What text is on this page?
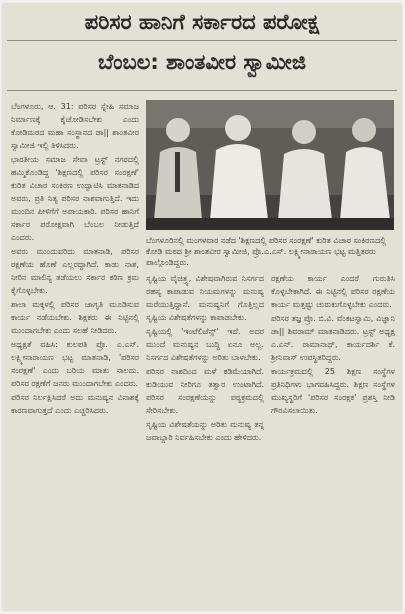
ಪರಿಸರ ಹಾನಿಗೆ ಸರ್ಕಾರದ ಪರೋಕ್ಷ
ಬೆಂಬಲ: ಶಾಂತವೀರ ಸ್ವಾಮೀಜಿ
ಬೆಂಗಳೂರಿನಲ್ಲಿ ಮಂಗಳವಾರ ನಡೆದ 'ಶಿಕ್ಷಣದಲ್ಲಿ ಪರಿಸರ ಸಂರಕ್ಷಣೆ' ಕುರಿತ ವಿಚಾರ ಸಂಕಿರಣದಲ್ಲಿ ಕೋಡಿ ಮಠದ ಶ್ರೀ ಶಾಂತವೀರ ಸ್ವಾಮೀಜಿ, ಪ್ರೊ.ಎ.ಎಸ್. ಲಕ್ಷ್ಮೀನಾರಾಯಣ ಭಟ್ಟ ಮತ್ತಿತರರು ಪಾಲ್ಗೊಂಡಿದ್ದರು.

ಬೆಂಗಳೂರು, ಆ. 31: ಪರಿಸರ ಸ್ನೇಹಿ ಸಮಾಜ ನಿರ್ಮಾಣಕ್ಕೆ ಕೈಜೋಡಿಸಬೇಕು ಎಂದು ಕೋಡಿಮಠದ ಮಹಾ ಸಂಸ್ಥಾನದ ಡಾ|| ಶಾಂತವೀರ ಸ್ವಾಮೀಜಿ ಇಲ್ಲಿ ತಿಳಿಸಿದರು.

ಭಾರತೀಯ ಸಮಾಜ ಸೇವಾ ಟ್ರಸ್ಟ್ ನಗರದಲ್ಲಿ ಹಮ್ಮಿಕೊಂಡಿದ್ದ 'ಶಿಕ್ಷಣದಲ್ಲಿ ಪರಿಸರ ಸಂರಕ್ಷಣೆ' ಕುರಿತ ವಿಚಾರ ಸಂಕಿರಣ ಉದ್ಘಾಟಿಸಿ ಮಾತನಾಡಿದ ಅವರು, ಪ್ರತಿ ನಿತ್ಯ ಪರಿಸರ ನಾಶವಾಗುತ್ತಿದೆ. ಇದು ಮುಂದಿನ ಪೀಳಿಗೆಗೆ ಅಪಾಯಕಾರಿ. ಪರಿಸರ ಹಾನಿಗೆ ಸರ್ಕಾರ ಪರೋಕ್ಷವಾಗಿ ಬೆಂಬಲ ನೀಡುತ್ತಿದೆ ಎಂದರು.

ಅವರು ಮುಂದುವರಿದು ಮಾತನಾಡಿ, ಪರಿಸರ ರಕ್ಷಣೆಯ ಹೊಣೆ ಎಲ್ಲರದ್ದಾಗಿದೆ. ಕಾಡು ನಾಶ, ನೀರಿನ ಮಾಲಿನ್ಯ ತಡೆಯಲು ಸರ್ಕಾರ ಕಠಿಣ ಕ್ರಮ ಕೈಗೊಳ್ಳಬೇಕು.

ಶಾಲಾ ಮಕ್ಕಳಲ್ಲಿ ಪರಿಸರ ಜಾಗೃತಿ ಮೂಡಿಸುವ ಕಾರ್ಯ ನಡೆಯಬೇಕು. ಶಿಕ್ಷಕರು ಈ ನಿಟ್ಟಿನಲ್ಲಿ ಮುಂದಾಗಬೇಕು ಎಂದು ಸಲಹೆ ನೀಡಿದರು.

ಅಧ್ಯಕ್ಷತೆ ವಹಿಸಿ: ಕುಲಪತಿ ಪ್ರೊ. ಎ.ಎಸ್. ಲಕ್ಷ್ಮೀನಾರಾಯಣ ಭಟ್ಟ ಮಾತನಾಡಿ, 'ಪರಿಸರ ಸಂರಕ್ಷಣೆ' ಎಂದು ಬರಿಯ ಮಾತು ಸಾಲದು. ಪರಿಸರ ರಕ್ಷಣೆಗೆ ಜನರು ಮುಂದಾಗಬೇಕು ಎಂದರು.

ಪರಿಸರ ನಿರ್ಲಕ್ಷಿಸಿದರೆ ಅದು ಮನುಷ್ಯನ ವಿನಾಶಕ್ಕೆ ಕಾರಣವಾಗುತ್ತದೆ ಎಂದು ಎಚ್ಚರಿಸಿದರು.

ಸೃಷ್ಟಿಯ ವೈಚಿತ್ರ್ಯ, ವಿಶೇಷವಾಗಿರುವ ನಿಸರ್ಗದ ರಹಸ್ಯ ಕಾಪಾಡುವ ನಿಯಮಗಳನ್ನು ಮನುಷ್ಯ ಮರೆಯುತ್ತಿದ್ದಾನೆ. ಮನುಷ್ಯನಿಗೆ ಗೊತ್ತಿಲ್ಲದ ಸೃಷ್ಟಿಯ ವಿಶೇಷತೆಗಳನ್ನು ಕಾಪಾಡಬೇಕು.

ಸೃಷ್ಟಿಯಲ್ಲಿ 'ಇಂಟೆಲಿಜೆನ್ಸ್' ಇದೆ. ಅದರ ಮುಂದೆ ಮನುಷ್ಯನ ಬುದ್ಧಿ ಏನೂ ಅಲ್ಲ. ನಿಸರ್ಗದ ವಿಶೇಷತೆಗಳನ್ನು ಅರಿತು ಬಾಳಬೇಕು.

ಪರಿಸರ ನಾಶದಿಂದ ಮಳೆ ಕಡಿಮೆಯಾಗಿದೆ. ಕುಡಿಯುವ ನೀರಿಗೂ ತತ್ವಾರ ಉಂಟಾಗಿದೆ. ಪರಿಸರ ಸಂರಕ್ಷಣೆಯನ್ನು ಪಠ್ಯಕ್ರಮದಲ್ಲಿ ಸೇರಿಸಬೇಕು.

ಸೃಷ್ಟಿಯ ವಿಶೇಷತೆಯನ್ನು ಅರಿತು ಮನುಷ್ಯ ತನ್ನ ಜವಾಬ್ದಾರಿ ನಿರ್ವಹಿಸಬೇಕು ಎಂದು ಹೇಳಿದರು.

ರಕ್ಷಣೆಯ ಕಾರ್ಯ ಎಂದರೆ ಗುರುತಿಸಿ ಕೊಳ್ಳಬೇಕಾಗಿದೆ. ಈ ನಿಟ್ಟಿನಲ್ಲಿ ಪರಿಸರ ರಕ್ಷಣೆಯ ಕಾರ್ಯ ಮತ್ತಷ್ಟು ಚುರುಕುಗೊಳ್ಳಬೇಕು ಎಂದರು.

ಪರಿಸರ ತಜ್ಞ ಪ್ರೊ. ಬಿ.ವಿ. ವೆಂಕಟಸ್ವಾಮಿ, ವಿಜ್ಞಾನಿ ಡಾ|| ಶಿವರಾಮ್ ಮಾತನಾಡಿದರು. ಟ್ರಸ್ಟ್ ಅಧ್ಯಕ್ಷ ಎ.ಎನ್. ರಾಮಾನಾಥ್, ಕಾರ್ಯದರ್ಶಿ ಕೆ. ಶ್ರೀನಿವಾಸ್ ಉಪಸ್ಥಿತರಿದ್ದರು.

ಕಾರ್ಯಕ್ರಮದಲ್ಲಿ 25 ಶಿಕ್ಷಣ ಸಂಸ್ಥೆಗಳ ಪ್ರತಿನಿಧಿಗಳು ಭಾಗವಹಿಸಿದ್ದರು. ಶಿಕ್ಷಣ ಸಂಸ್ಥೆಗಳ ಮುಖ್ಯಸ್ಥರಿಗೆ 'ಪರಿಸರ ಸಂರಕ್ಷಕ' ಪ್ರಶಸ್ತಿ ನೀಡಿ ಗೌರವಿಸಲಾಯಿತು.
